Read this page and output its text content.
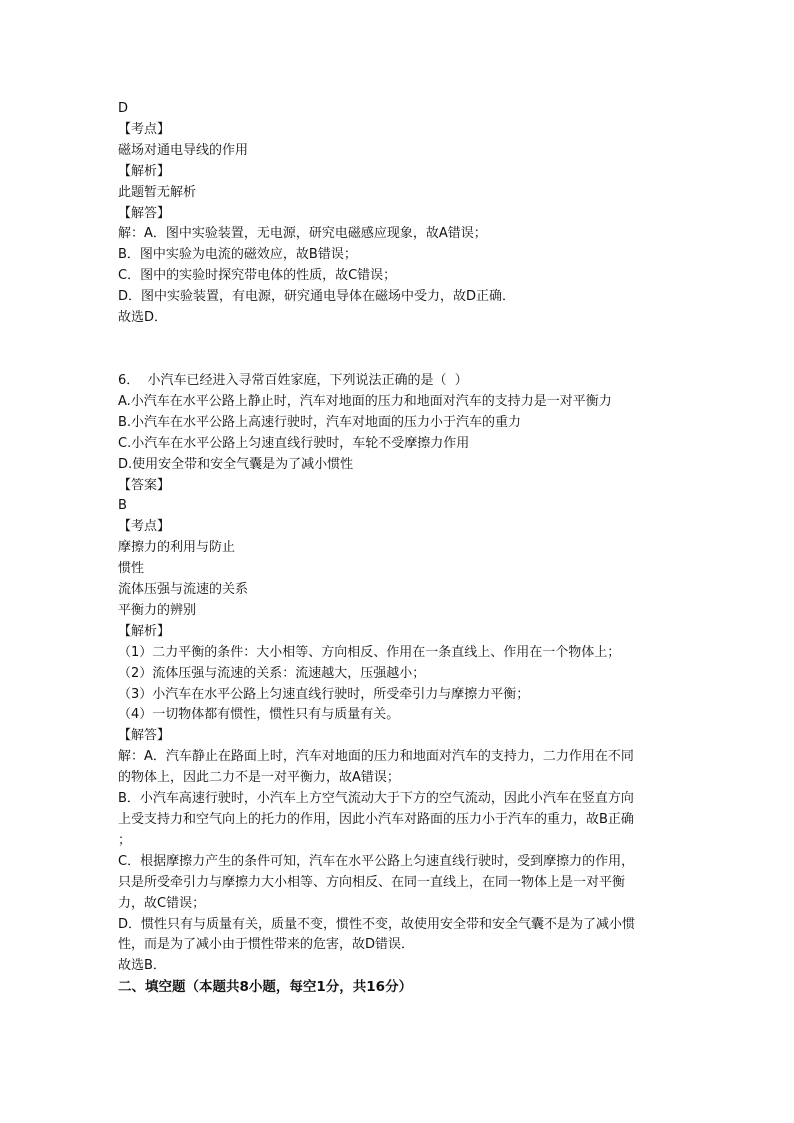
D

【考点】

磁场对通电导线的作用

【解析】

此题暂无解析

【解答】

解：A．图中实验装置，无电源，研究电磁感应现象，故A错误；

B．图中实验为电流的磁效应，故B错误；

C．图中的实验时探究带电体的性质，故C错误；

D．图中实验装置，有电源，研究通电导体在磁场中受力，故D正确．

故选D．

6．  小汽车已经进入寻常百姓家庭，下列说法正确的是（  ）

A.小汽车在水平公路上静止时，汽车对地面的压力和地面对汽车的支持力是一对平衡力

B.小汽车在水平公路上高速行驶时，汽车对地面的压力小于汽车的重力

C.小汽车在水平公路上匀速直线行驶时，车轮不受摩擦力作用

D.使用安全带和安全气囊是为了减小惯性

【答案】

B

【考点】

摩擦力的利用与防止

惯性

流体压强与流速的关系

平衡力的辨别

【解析】

（1）二力平衡的条件：大小相等、方向相反、作用在一条直线上、作用在一个物体上；

（2）流体压强与流速的关系：流速越大，压强越小；

（3）小汽车在水平公路上匀速直线行驶时，所受牵引力与摩擦力平衡；

（4）一切物体都有惯性，惯性只有与质量有关。

【解答】

解：A．汽车静止在路面上时，汽车对地面的压力和地面对汽车的支持力，二力作用在不同

的物体上，因此二力不是一对平衡力，故A错误；

B．小汽车高速行驶时，小汽车上方空气流动大于下方的空气流动，因此小汽车在竖直方向

上受支持力和空气向上的托力的作用，因此小汽车对路面的压力小于汽车的重力，故B正确

；

C．根据摩擦力产生的条件可知，汽车在水平公路上匀速直线行驶时，受到摩擦力的作用，

只是所受牵引力与摩擦力大小相等、方向相反、在同一直线上，在同一物体上是一对平衡

力，故C错误；

D．惯性只有与质量有关，质量不变，惯性不变，故使用安全带和安全气囊不是为了减小惯

性，而是为了减小由于惯性带来的危害，故D错误．

故选B．

二、填空题（本题共8小题，每空1分，共16分）
